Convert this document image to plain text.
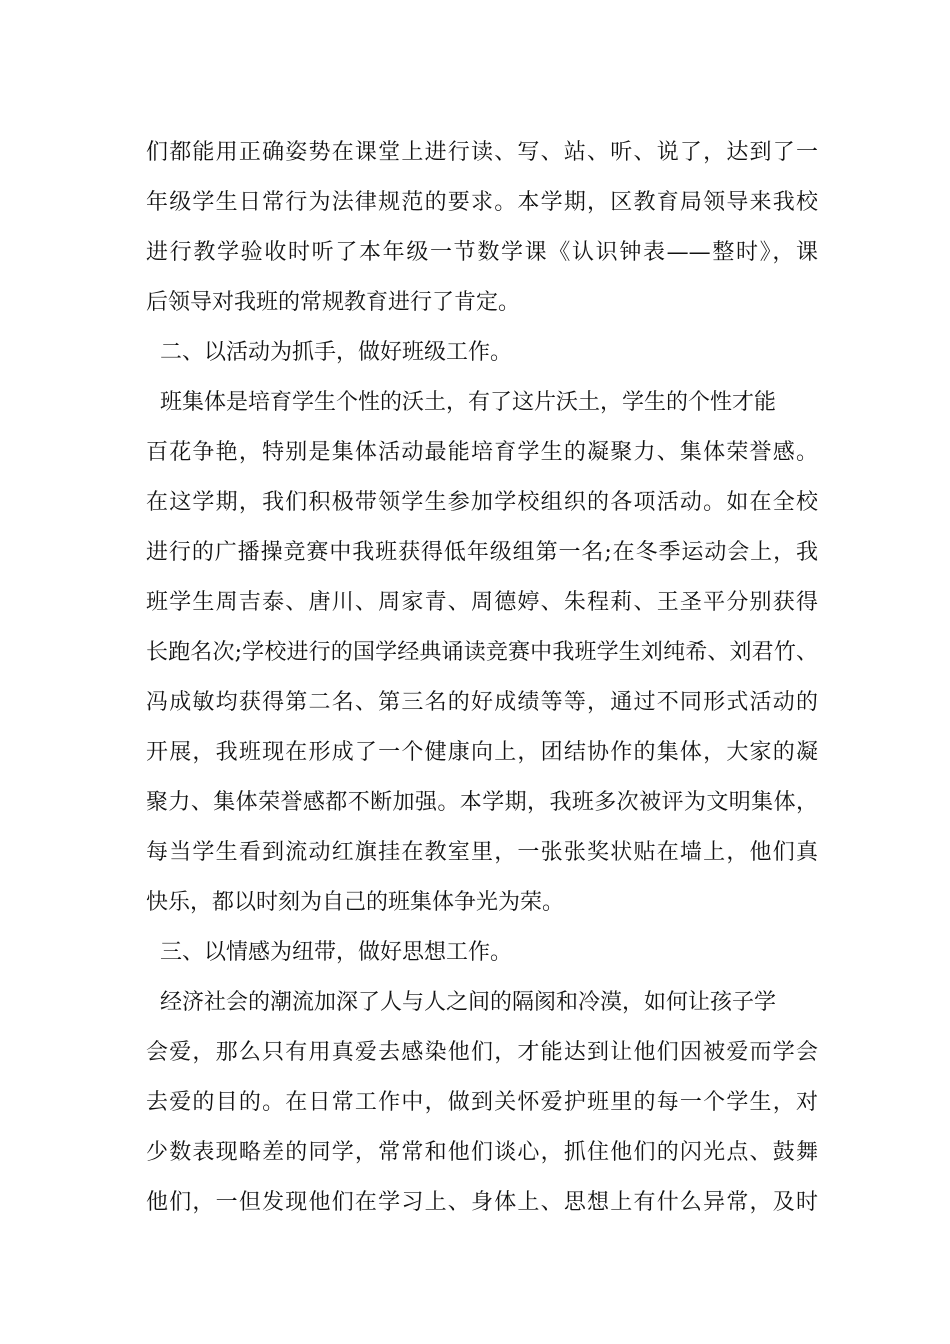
们都能用正确姿势在课堂上进行读、写、站、听、说了，达到了一

年级学生日常行为法律规范的要求。本学期，区教育局领导来我校

进行教学验收时听了本年级一节数学课《认识钟表——整时》，课

后领导对我班的常规教育进行了肯定。

二、以活动为抓手，做好班级工作。

班集体是培育学生个性的沃土，有了这片沃土，学生的个性才能

百花争艳，特别是集体活动最能培育学生的凝聚力、集体荣誉感。

在这学期，我们积极带领学生参加学校组织的各项活动。如在全校

进行的广播操竞赛中我班获得低年级组第一名;在冬季运动会上，我

班学生周吉泰、唐川、周家青、周德婷、朱程莉、王圣平分别获得

长跑名次;学校进行的国学经典诵读竞赛中我班学生刘纯希、刘君竹、

冯成敏均获得第二名、第三名的好成绩等等，通过不同形式活动的

开展，我班现在形成了一个健康向上，团结协作的集体，大家的凝

聚力、集体荣誉感都不断加强。本学期，我班多次被评为文明集体，

每当学生看到流动红旗挂在教室里，一张张奖状贴在墙上，他们真

快乐，都以时刻为自己的班集体争光为荣。

三、以情感为纽带，做好思想工作。

经济社会的潮流加深了人与人之间的隔阂和冷漠，如何让孩子学

会爱，那么只有用真爱去感染他们，才能达到让他们因被爱而学会

去爱的目的。在日常工作中，做到关怀爱护班里的每一个学生，对

少数表现略差的同学，常常和他们谈心，抓住他们的闪光点、鼓舞

他们，一但发现他们在学习上、身体上、思想上有什么异常，及时
